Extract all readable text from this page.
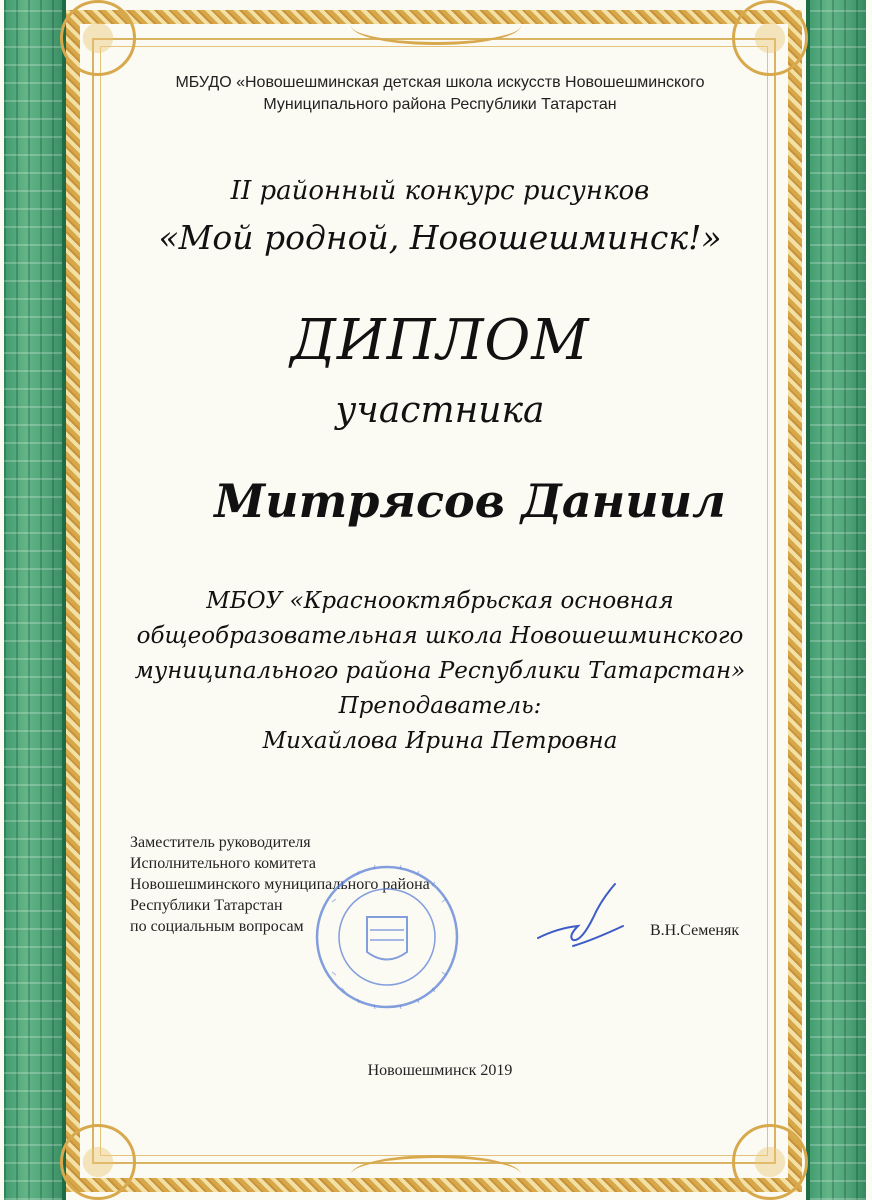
МБУДО «Новошешминская детская школа искусств Новошешминского
Муниципального района Республики Татарстан
II районный конкурс рисунков
«Мой родной, Новошешминск!»
ДИПЛОМ
участника
Митрясов Даниил
МБОУ «Краснооктябрьская основная
общеобразовательная школа Новошешминского
муниципального района Республики Татарстан»
Преподаватель:
Михайлова Ирина Петровна
Заместитель руководителя
Исполнительного комитета
Новошешминского муниципального района
Республики Татарстан
по социальным вопросам	В.Н.Семеняк
Новошешминск 2019
